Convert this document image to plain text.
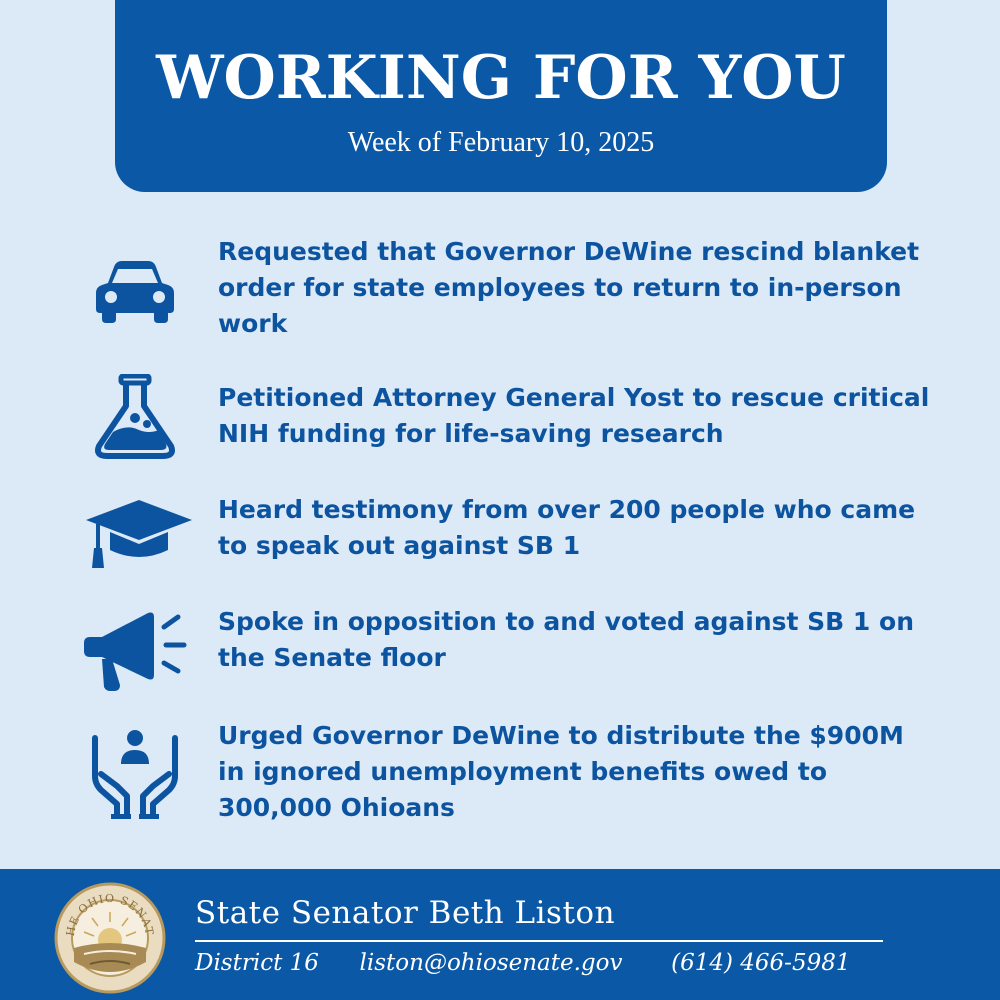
WORKING FOR YOU
Week of February 10, 2025
Requested that Governor DeWine rescind blanket order for state employees to return to in-person work
Petitioned Attorney General Yost to rescue critical NIH funding for life-saving research
Heard testimony from over 200 people who came to speak out against SB 1
Spoke in opposition to and voted against SB 1 on the Senate floor
Urged Governor DeWine to distribute the $900M in ignored unemployment benefits owed to 300,000 Ohioans
HE OHIO SENAT
State Senator Beth Liston
District 16 liston@ohiosenate.gov (614) 466-5981
